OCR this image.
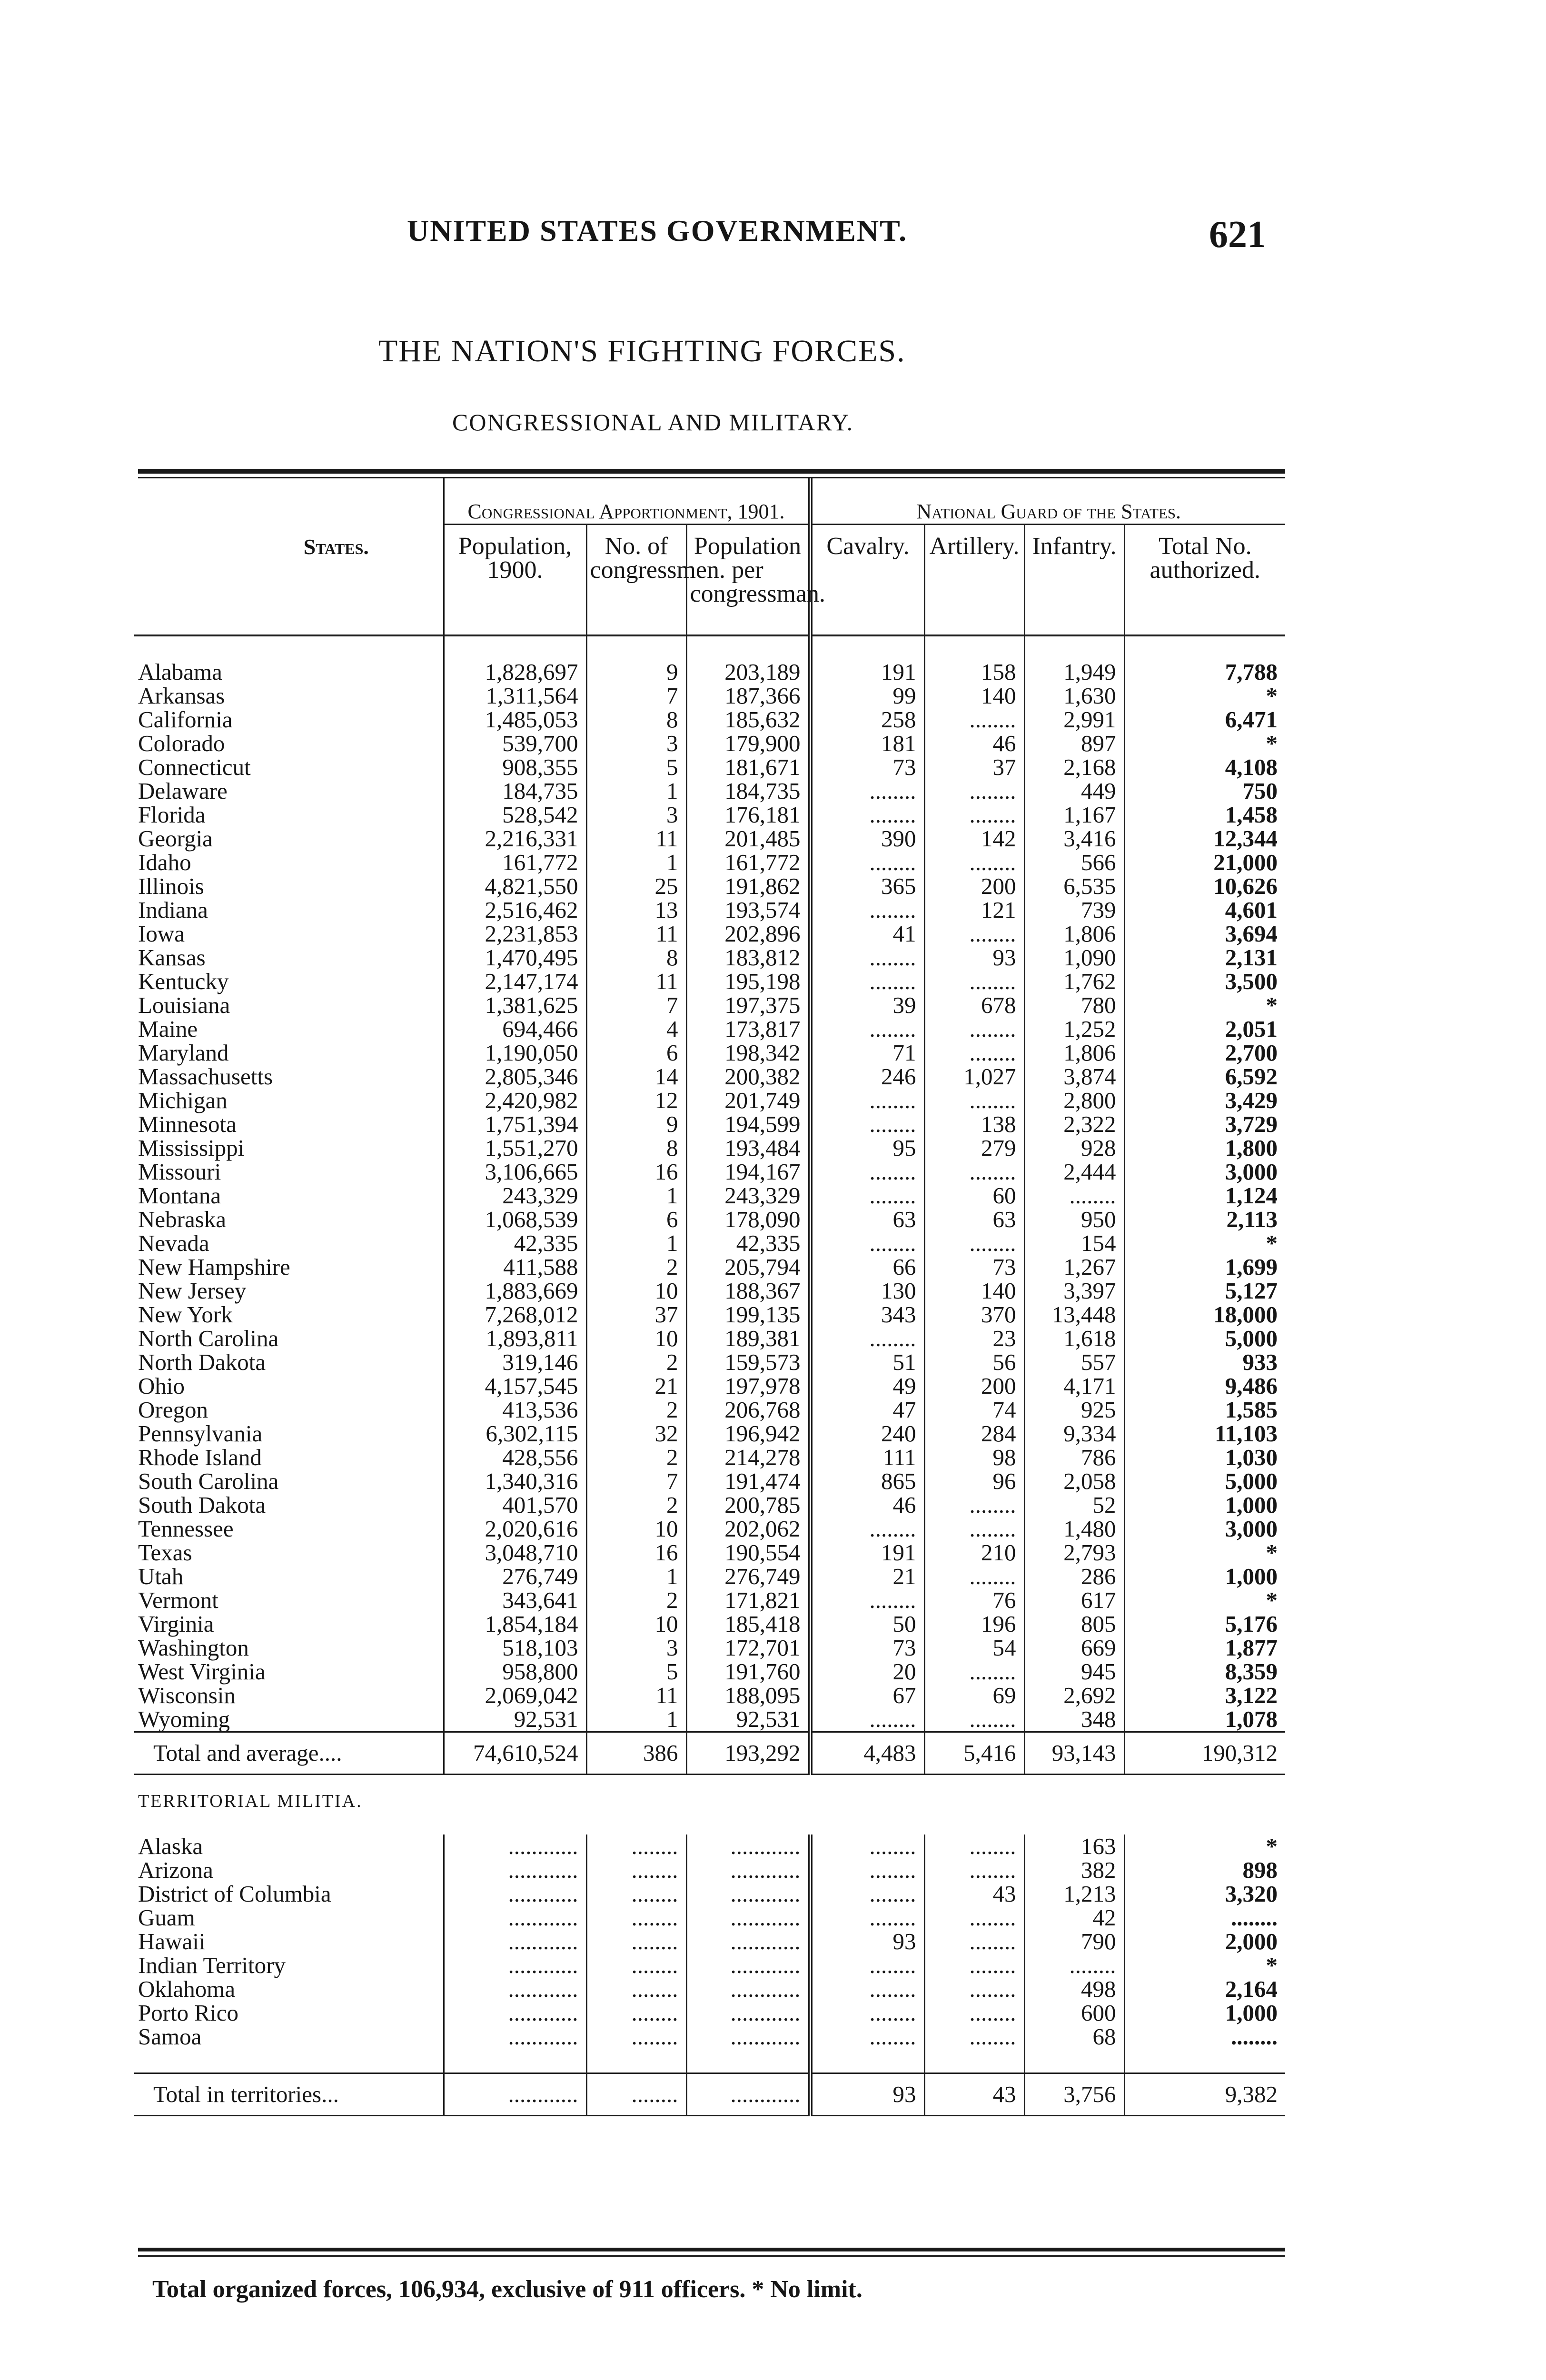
UNITED STATES GOVERNMENT.	621
THE NATION'S FIGHTING FORCES.
CONGRESSIONAL AND MILITARY.
States.	Congressional Apportionment, 1901.			National Guard of the States.			

	Population, 1900.	No. of congressmen.	Population per congressman.	Cavalry.	Artillery.	Infantry.	Total No. authorized.

Alabama	1,828,697	9	203,189	191	158	1,949	7,788
Arkansas	1,311,564	7	187,366	99	140	1,630	*
California	1,485,053	8	185,632	258	........	2,991	6,471
Colorado	539,700	3	179,900	181	46	897	*
Connecticut	908,355	5	181,671	73	37	2,168	4,108
Delaware	184,735	1	184,735	........	........	449	750
Florida	528,542	3	176,181	........	........	1,167	1,458
Georgia	2,216,331	11	201,485	390	142	3,416	12,344
Idaho	161,772	1	161,772	........	........	566	21,000
Illinois	4,821,550	25	191,862	365	200	6,535	10,626
Indiana	2,516,462	13	193,574	........	121	739	4,601
Iowa	2,231,853	11	202,896	41	........	1,806	3,694
Kansas	1,470,495	8	183,812	........	93	1,090	2,131
Kentucky	2,147,174	11	195,198	........	........	1,762	3,500
Louisiana	1,381,625	7	197,375	39	678	780	*
Maine	694,466	4	173,817	........	........	1,252	2,051
Maryland	1,190,050	6	198,342	71	........	1,806	2,700
Massachusetts	2,805,346	14	200,382	246	1,027	3,874	6,592
Michigan	2,420,982	12	201,749	........	........	2,800	3,429
Minnesota	1,751,394	9	194,599	........	138	2,322	3,729
Mississippi	1,551,270	8	193,484	95	279	928	1,800
Missouri	3,106,665	16	194,167	........	........	2,444	3,000
Montana	243,329	1	243,329	........	60	........	1,124
Nebraska	1,068,539	6	178,090	63	63	950	2,113
Nevada	42,335	1	42,335	........	........	154	*
New Hampshire	411,588	2	205,794	66	73	1,267	1,699
New Jersey	1,883,669	10	188,367	130	140	3,397	5,127
New York	7,268,012	37	199,135	343	370	13,448	18,000
North Carolina	1,893,811	10	189,381	........	23	1,618	5,000
North Dakota	319,146	2	159,573	51	56	557	933
Ohio	4,157,545	21	197,978	49	200	4,171	9,486
Oregon	413,536	2	206,768	47	74	925	1,585
Pennsylvania	6,302,115	32	196,942	240	284	9,334	11,103
Rhode Island	428,556	2	214,278	111	98	786	1,030
South Carolina	1,340,316	7	191,474	865	96	2,058	5,000
South Dakota	401,570	2	200,785	46	........	52	1,000
Tennessee	2,020,616	10	202,062	........	........	1,480	3,000
Texas	3,048,710	16	190,554	191	210	2,793	*
Utah	276,749	1	276,749	21	........	286	1,000
Vermont	343,641	2	171,821	........	76	617	*
Virginia	1,854,184	10	185,418	50	196	805	5,176
Washington	518,103	3	172,701	73	54	669	1,877
West Virginia	958,800	5	191,760	20	........	945	8,359
Wisconsin	2,069,042	11	188,095	67	69	2,692	3,122
Wyoming	92,531	1	92,531	........	........	348	1,078
Total and average....	74,610,524	386	193,292	4,483	5,416	93,143	190,312
TERRITORIAL MILITIA.							
Alaska	............	........	............	........	........	163	*
Arizona	............	........	............	........	........	382	898
District of Columbia	............	........	............	........	43	1,213	3,320
Guam	............	........	............	........	........	42	........
Hawaii	............	........	............	93	........	790	2,000
Indian Territory	............	........	............	........	........	........	*
Oklahoma	............	........	............	........	........	498	2,164
Porto Rico	............	........	............	........	........	600	1,000
Samoa	............	........	............	........	........	68	........

Total in territories...	............	........	............	93	43	3,756	9,382
Total organized forces, 106,934, exclusive of 911 officers. * No limit.
